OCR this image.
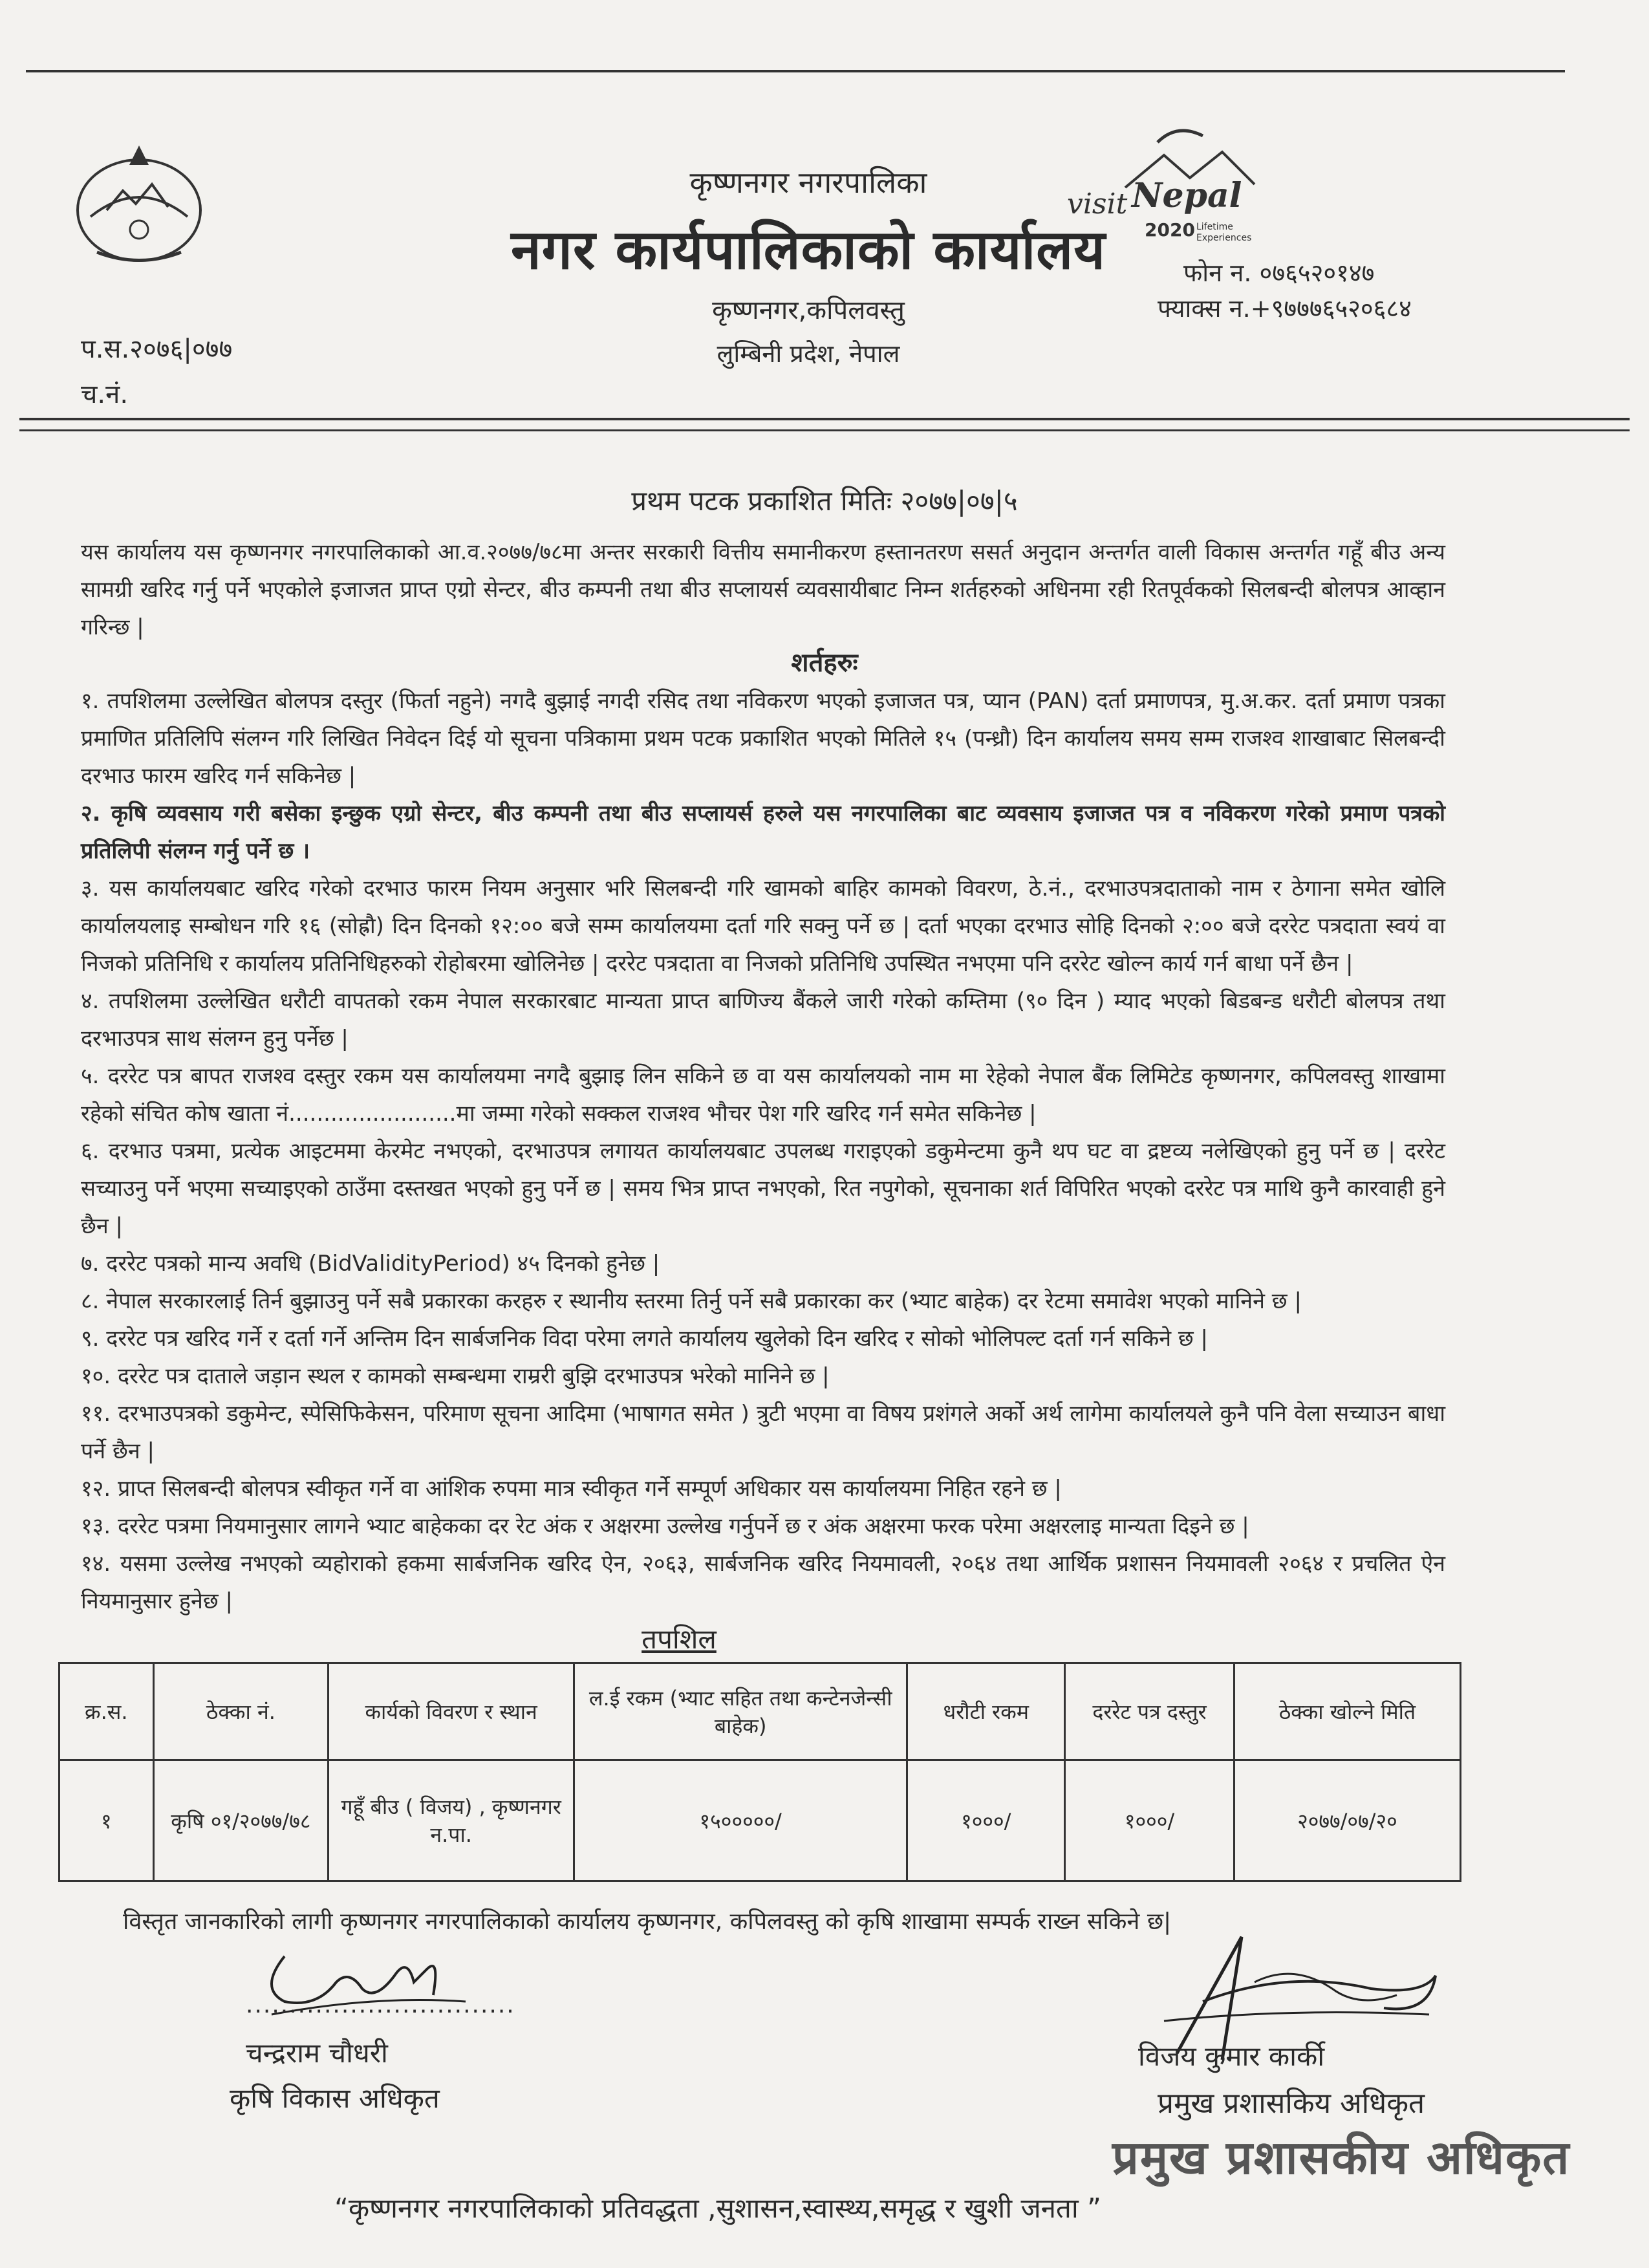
visit Nepal
2020 Lifetime
Experiences
कृष्णनगर नगरपालिका
नगर कार्यपालिकाको कार्यालय
कृष्णनगर,कपिलवस्तु
लुम्बिनी प्रदेश, नेपाल
फोन न. ०७६५२०१४७
फ्याक्स न.+९७७७६५२०६८४
प.स.२०७६|०७७
च.नं.
प्रथम पटक प्रकाशित मितिः २०७७|०७|५
यस कार्यालय यस कृष्णनगर नगरपालिकाको आ.व.२०७७/७८मा अन्तर सरकारी वित्तीय समानीकरण हस्तानतरण ससर्त अनुदान अन्तर्गत वाली विकास अन्तर्गत गहूँ बीउ अन्य सामग्री खरिद गर्नु पर्ने भएकोले इजाजत प्राप्त एग्रो सेन्टर, बीउ कम्पनी तथा बीउ सप्लायर्स व्यवसायीबाट निम्न शर्तहरुको अधिनमा रही रितपूर्वकको सिलबन्दी बोलपत्र आव्हान गरिन्छ |
शर्तहरुः

१. तपशिलमा उल्लेखित बोलपत्र दस्तुर (फिर्ता नहुने) नगदै बुझाई नगदी रसिद तथा नविकरण भएको इजाजत पत्र, प्यान (PAN) दर्ता प्रमाणपत्र, मु.अ.कर. दर्ता प्रमाण पत्रका प्रमाणित प्रतिलिपि संलग्न गरि लिखित निवेदन दिई यो सूचना पत्रिकामा प्रथम पटक प्रकाशित भएको मितिले १५ (पन्ध्रौ) दिन कार्यालय समय सम्म राजश्व शाखाबाट सिलबन्दी दरभाउ फारम खरिद गर्न सकिनेछ |

२. कृषि व्यवसाय गरी बसेका इन्छुक एग्रो सेन्टर, बीउ कम्पनी तथा बीउ सप्लायर्स हरुले यस नगरपालिका बाट व्यवसाय इजाजत पत्र व नविकरण गरेको प्रमाण पत्रको प्रतिलिपी संलग्न गर्नु पर्ने छ ।

३. यस कार्यालयबाट खरिद गरेको दरभाउ फारम नियम अनुसार भरि सिलबन्दी गरि खामको बाहिर कामको विवरण, ठे.नं., दरभाउपत्रदाताको नाम र ठेगाना समेत खोलि कार्यालयलाइ सम्बोधन गरि १६ (सोह्रौ) दिन दिनको १२:०० बजे सम्म कार्यालयमा दर्ता गरि सक्नु पर्ने छ | दर्ता भएका दरभाउ सोहि दिनको २:०० बजे दररेट पत्रदाता स्वयं वा निजको प्रतिनिधि र कार्यालय प्रतिनिधिहरुको रोहोबरमा खोलिनेछ | दररेट पत्रदाता वा निजको प्रतिनिधि उपस्थित नभएमा पनि दररेट खोल्न कार्य गर्न बाधा पर्ने छैन |

४. तपशिलमा उल्लेखित धरौटी वापतको रकम नेपाल सरकारबाट मान्यता प्राप्त बाणिज्य बैंकले जारी गरेको कम्तिमा (९० दिन ) म्याद भएको बिडबन्ड धरौटी बोलपत्र तथा दरभाउपत्र साथ संलग्न हुनु पर्नेछ |

५. दररेट पत्र बापत राजश्व दस्तुर रकम यस कार्यालयमा नगदै बुझाइ लिन सकिने छ वा यस कार्यालयको नाम मा रेहेको नेपाल बैंक लिमिटेड कृष्णनगर, कपिलवस्तु शाखामा रहेको संचित कोष खाता नं........................मा जम्मा गरेको सक्कल राजश्व भौचर पेश गरि खरिद गर्न समेत सकिनेछ |

६. दरभाउ पत्रमा, प्रत्येक आइटममा केरमेट नभएको, दरभाउपत्र लगायत कार्यालयबाट उपलब्ध गराइएको डकुमेन्टमा कुनै थप घट वा द्रष्टव्य नलेखिएको हुनु पर्ने छ | दररेट सच्याउनु पर्ने भएमा सच्याइएको ठाउँमा दस्तखत भएको हुनु पर्ने छ | समय भित्र प्राप्त नभएको, रित नपुगेको, सूचनाका शर्त विपिरित भएको दररेट पत्र माथि कुनै कारवाही हुने छैन |

७. दररेट पत्रको मान्य अवधि (BidValidityPeriod) ४५ दिनको हुनेछ |

८. नेपाल सरकारलाई तिर्न बुझाउनु पर्ने सबै प्रकारका करहरु र स्थानीय स्तरमा तिर्नु पर्ने सबै प्रकारका कर (भ्याट बाहेक) दर रेटमा समावेश भएको मानिने छ |

९. दररेट पत्र खरिद गर्ने र दर्ता गर्ने अन्तिम दिन सार्बजनिक विदा परेमा लगते कार्यालय खुलेको दिन खरिद र सोको भोलिपल्ट दर्ता गर्न सकिने छ |

१०. दररेट पत्र दाताले जड़ान स्थल र कामको सम्बन्धमा राम्ररी बुझि दरभाउपत्र भरेको मानिने छ |

११. दरभाउपत्रको डकुमेन्ट, स्पेसिफिकेसन, परिमाण सूचना आदिमा (भाषागत समेत ) त्रुटी भएमा वा विषय प्रशंगले अर्को अर्थ लागेमा कार्यालयले कुनै पनि वेला सच्याउन बाधा पर्ने छैन |

१२. प्राप्त सिलबन्दी बोलपत्र स्वीकृत गर्ने वा आंशिक रुपमा मात्र स्वीकृत गर्ने सम्पूर्ण अधिकार यस कार्यालयमा निहित रहने छ |

१३. दररेट पत्रमा नियमानुसार लागने भ्याट बाहेकका दर रेट अंक र अक्षरमा उल्लेख गर्नुपर्ने छ र अंक अक्षरमा फरक परेमा अक्षरलाइ मान्यता दिइने छ |

१४. यसमा उल्लेख नभएको व्यहोराको हकमा सार्बजनिक खरिद ऐन, २०६३, सार्बजनिक खरिद नियमावली, २०६४ तथा आर्थिक प्रशासन नियमावली २०६४ र प्रचलित ऐन नियमानुसार हुनेछ |

तपशिल
क्र.स.	ठेक्का नं.	कार्यको विवरण र स्थान	ल.ई रकम (भ्याट सहित तथा कन्टेनजेन्सी बाहेक)	धरौटी रकम	दररेट पत्र दस्तुर	ठेक्का खोल्ने मिति
१	कृषि ०१/२०७७/७८	गहूँ बीउ ( विजय) , कृष्णनगर न.पा.	१५०००००/	१०००/	१०००/	२०७७/०७/२०
विस्तृत जानकारिको लागी कृष्णनगर नगरपालिकाको कार्यालय कृष्णनगर, कपिलवस्तु को कृषि शाखामा सम्पर्क राख्न सकिने छ|
...............................
चन्द्रराम चौधरी
कृषि विकास अधिकृत
विजय कुमार कार्की
प्रमुख प्रशासकिय अधिकृत
प्रमुख प्रशासकीय अधिकृत
“कृष्णनगर नगरपालिकाको प्रतिवद्धता ,सुशासन,स्वास्थ्य,समृद्ध र खुशी जनता ”
